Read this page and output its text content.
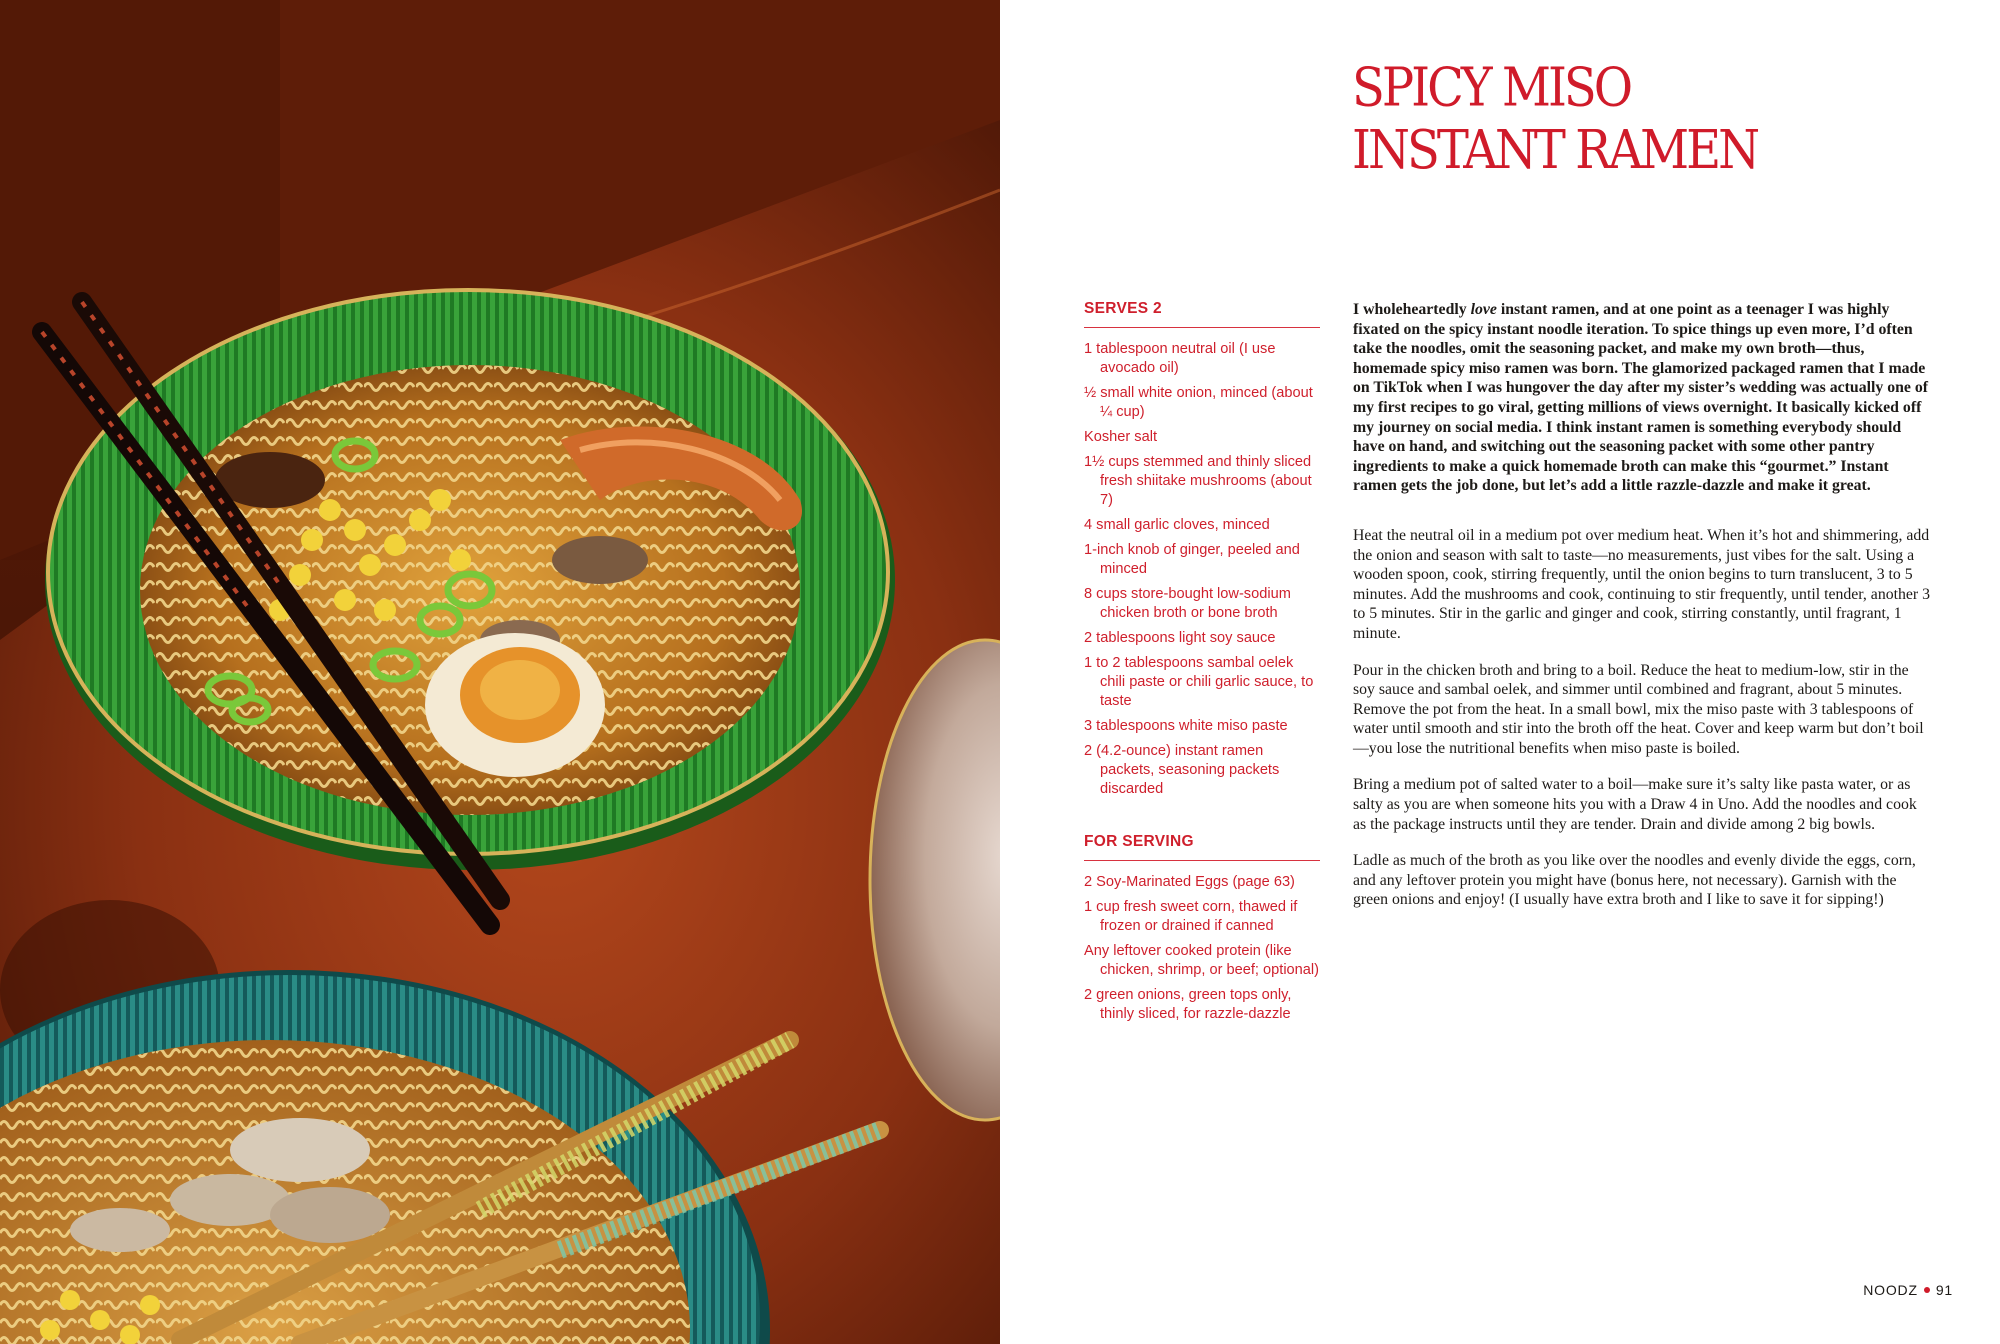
SPICY MISO
INSTANT RAMEN
SERVES 2
1 tablespoon neutral oil (I use avocado oil)
½ small white onion, minced (about ¼ cup)
Kosher salt
1½ cups stemmed and thinly sliced fresh shiitake mushrooms (about 7)
4 small garlic cloves, minced
1-inch knob of ginger, peeled and minced
8 cups store-bought low-sodium chicken broth or bone broth
2 tablespoons light soy sauce
1 to 2 tablespoons sambal oelek chili paste or chili garlic sauce, to taste
3 tablespoons white miso paste
2 (4.2-ounce) instant ramen packets, seasoning packets discarded
FOR SERVING
2 Soy-Marinated Eggs (page 63)
1 cup fresh sweet corn, thawed if frozen or drained if canned
Any leftover cooked protein (like chicken, shrimp, or beef; optional)
2 green onions, green tops only, thinly sliced, for razzle-dazzle

I wholeheartedly love instant ramen, and at one point as a teenager I was highly fixated on the spicy instant noodle iteration. To spice things up even more, I’d often take the noodles, omit the seasoning packet, and make my own broth—thus, homemade spicy miso ramen was born. The glamorized packaged ramen that I made on TikTok when I was hungover the day after my sister’s wedding was actually one of my first recipes to go viral, getting millions of views overnight. It basically kicked off my journey on social media. I think instant ramen is something everybody should have on hand, and switching out the seasoning packet with some other pantry ingredients to make a quick homemade broth can make this “gourmet.” Instant ramen gets the job done, but let’s add a little razzle-dazzle and make it great.

Heat the neutral oil in a medium pot over medium heat. When it’s hot and shimmering, add the onion and season with salt to taste—no measurements, just vibes for the salt. Using a wooden spoon, cook, stirring frequently, until the onion begins to turn translucent, 3 to 5 minutes. Add the mushrooms and cook, continuing to stir frequently, until tender, another 3 to 5 minutes. Stir in the garlic and ginger and cook, stirring constantly, until fragrant, 1 minute.

Pour in the chicken broth and bring to a boil. Reduce the heat to medium-low, stir in the soy sauce and sambal oelek, and simmer until combined and fragrant, about 5 minutes. Remove the pot from the heat. In a small bowl, mix the miso paste with 3 tablespoons of water until smooth and stir into the broth off the heat. Cover and keep warm but don’t boil—you lose the nutritional benefits when miso paste is boiled.

Bring a medium pot of salted water to a boil—make sure it’s salty like pasta water, or as salty as you are when someone hits you with a Draw 4 in Uno. Add the noodles and cook as the package instructs until they are tender. Drain and divide among 2 big bowls.

Ladle as much of the broth as you like over the noodles and evenly divide the eggs, corn, and any leftover protein you might have (bonus here, not necessary). Garnish with the green onions and enjoy! (I usually have extra broth and I like to save it for sipping!)

NOODZ 91
